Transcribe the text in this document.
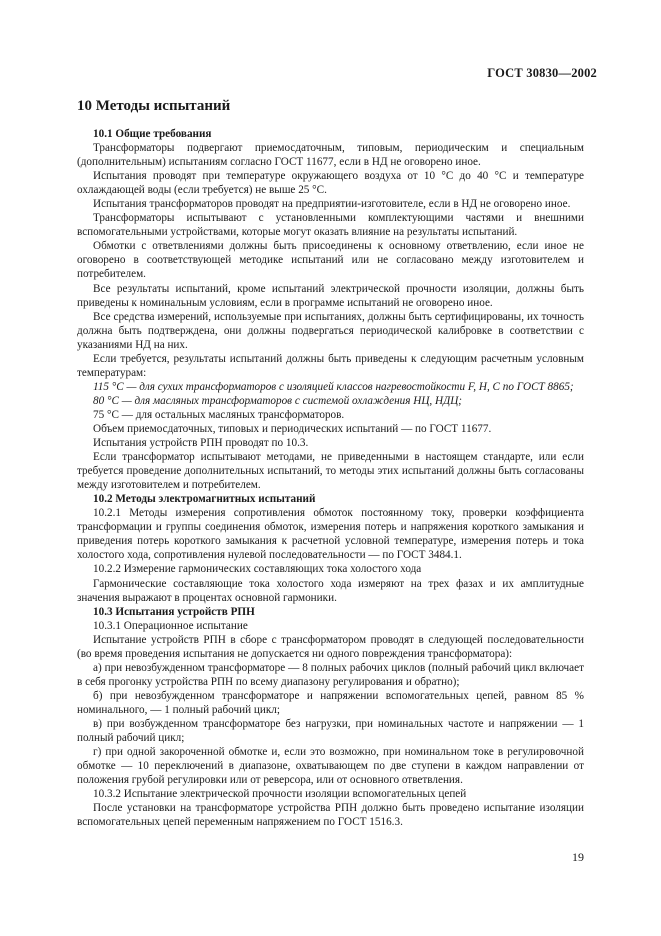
ГОСТ 30830—2002
10 Методы испытаний
10.1 Общие требования

Трансформаторы подвергают приемосдаточным, типовым, периодическим и специальным (дополнительным) испытаниям согласно ГОСТ 11677, если в НД не оговорено иное.

Испытания проводят при температуре окружающего воздуха от 10 °С до 40 °С и температуре охлаждающей воды (если требуется) не выше 25 °С.

Испытания трансформаторов проводят на предприятии-изготовителе, если в НД не оговорено иное.

Трансформаторы испытывают с установленными комплектующими частями и внешними вспомогательными устройствами, которые могут оказать влияние на результаты испытаний.

Обмотки с ответвлениями должны быть присоединены к основному ответвлению, если иное не оговорено в соответствующей методике испытаний или не согласовано между изготовителем и потребителем.

Все результаты испытаний, кроме испытаний электрической прочности изоляции, должны быть приведены к номинальным условиям, если в программе испытаний не оговорено иное.

Все средства измерений, используемые при испытаниях, должны быть сертифицированы, их точность должна быть подтверждена, они должны подвергаться периодической калибровке в соответствии с указаниями НД на них.

Если требуется, результаты испытаний должны быть приведены к следующим расчетным условным температурам:

115 °С — для сухих трансформаторов с изоляцией классов нагревостойкости F, Н, С по ГОСТ 8865;

80 °С — для масляных трансформаторов с системой охлаждения НЦ, НДЦ;

75 °С — для остальных масляных трансформаторов.

Объем приемосдаточных, типовых и периодических испытаний — по ГОСТ 11677.

Испытания устройств РПН проводят по 10.3.

Если трансформатор испытывают методами, не приведенными в настоящем стандарте, или если требуется проведение дополнительных испытаний, то методы этих испытаний должны быть согласованы между изготовителем и потребителем.

10.2 Методы электромагнитных испытаний

10.2.1 Методы измерения сопротивления обмоток постоянному току, проверки коэффициента трансформации и группы соединения обмоток, измерения потерь и напряжения короткого замыкания и приведения потерь короткого замыкания к расчетной условной температуре, измерения потерь и тока холостого хода, сопротивления нулевой последовательности — по ГОСТ 3484.1.

10.2.2 Измерение гармонических составляющих тока холостого хода

Гармонические составляющие тока холостого хода измеряют на трех фазах и их амплитудные значения выражают в процентах основной гармоники.

10.3 Испытания устройств РПН

10.3.1 Операционное испытание

Испытание устройств РПН в сборе с трансформатором проводят в следующей последовательности (во время проведения испытания не допускается ни одного повреждения трансформатора):

а) при невозбужденном трансформаторе — 8 полных рабочих циклов (полный рабочий цикл включает в себя прогонку устройства РПН по всему диапазону регулирования и обратно);

б) при невозбужденном трансформаторе и напряжении вспомогательных цепей, равном 85 % номинального, — 1 полный рабочий цикл;

в) при возбужденном трансформаторе без нагрузки, при номинальных частоте и напряжении — 1 полный рабочий цикл;

г) при одной закороченной обмотке и, если это возможно, при номинальном токе в регулировочной обмотке — 10 переключений в диапазоне, охватывающем по две ступени в каждом направлении от положения грубой регулировки или от реверсора, или от основного ответвления.

10.3.2 Испытание электрической прочности изоляции вспомогательных цепей

После установки на трансформаторе устройства РПН должно быть проведено испытание изоляции вспомогательных цепей переменным напряжением по ГОСТ 1516.3.

19
